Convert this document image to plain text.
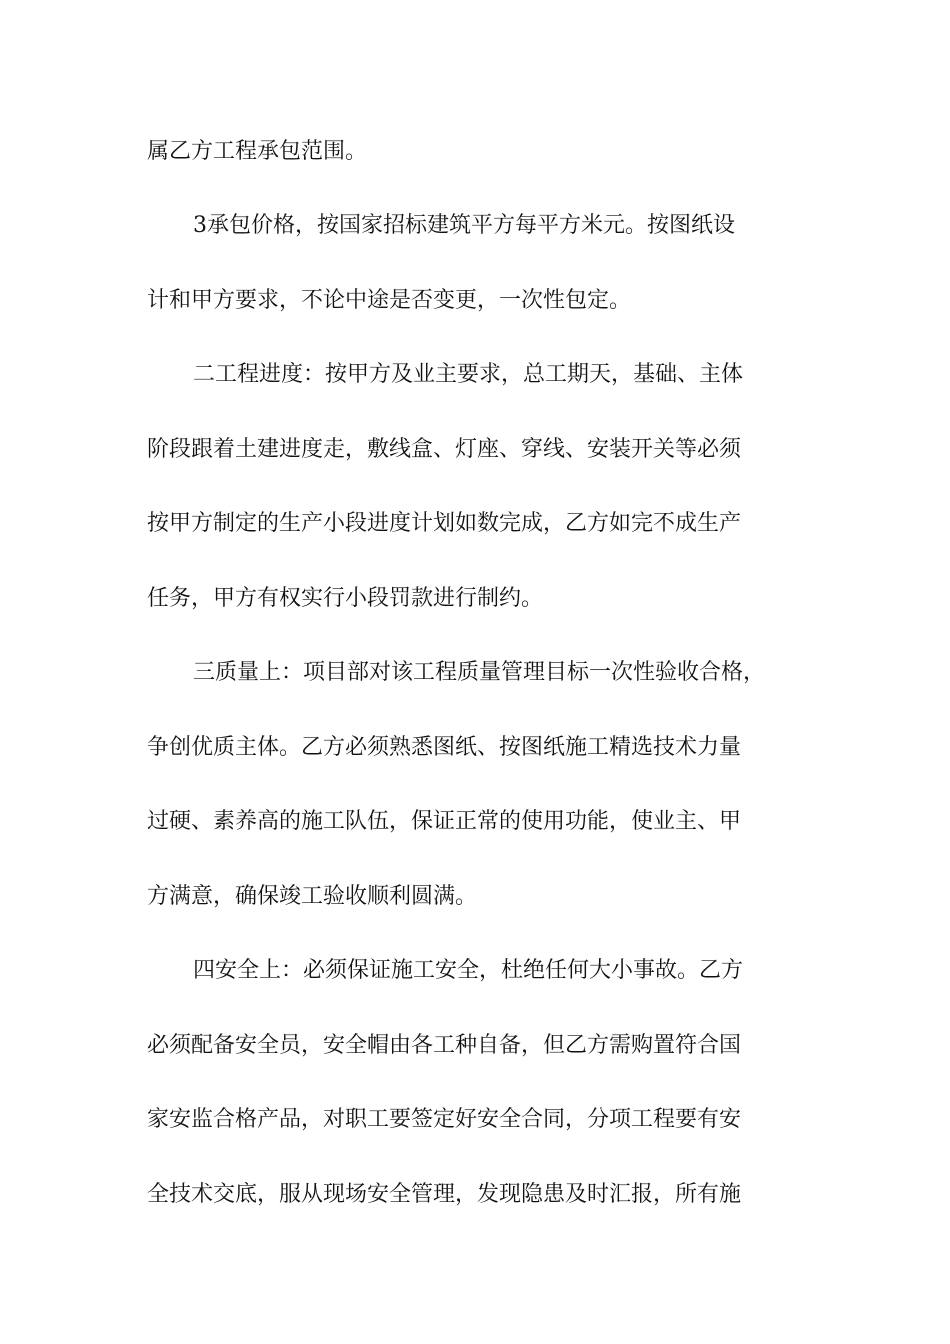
属乙方工程承包范围。
3承包价格，按国家招标建筑平方每平方米元。按图纸设
计和甲方要求，不论中途是否变更，一次性包定。
二工程进度：按甲方及业主要求，总工期天，基础、主体
阶段跟着土建进度走，敷线盒、灯座、穿线、安装开关等必须
按甲方制定的生产小段进度计划如数完成，乙方如完不成生产
任务，甲方有权实行小段罚款进行制约。
三质量上：项目部对该工程质量管理目标一次性验收合格，
争创优质主体。乙方必须熟悉图纸、按图纸施工精选技术力量
过硬、素养高的施工队伍，保证正常的使用功能，使业主、甲
方满意，确保竣工验收顺利圆满。
四安全上：必须保证施工安全，杜绝任何大小事故。乙方
必须配备安全员，安全帽由各工种自备，但乙方需购置符合国
家安监合格产品，对职工要签定好安全合同，分项工程要有安
全技术交底，服从现场安全管理，发现隐患及时汇报，所有施
